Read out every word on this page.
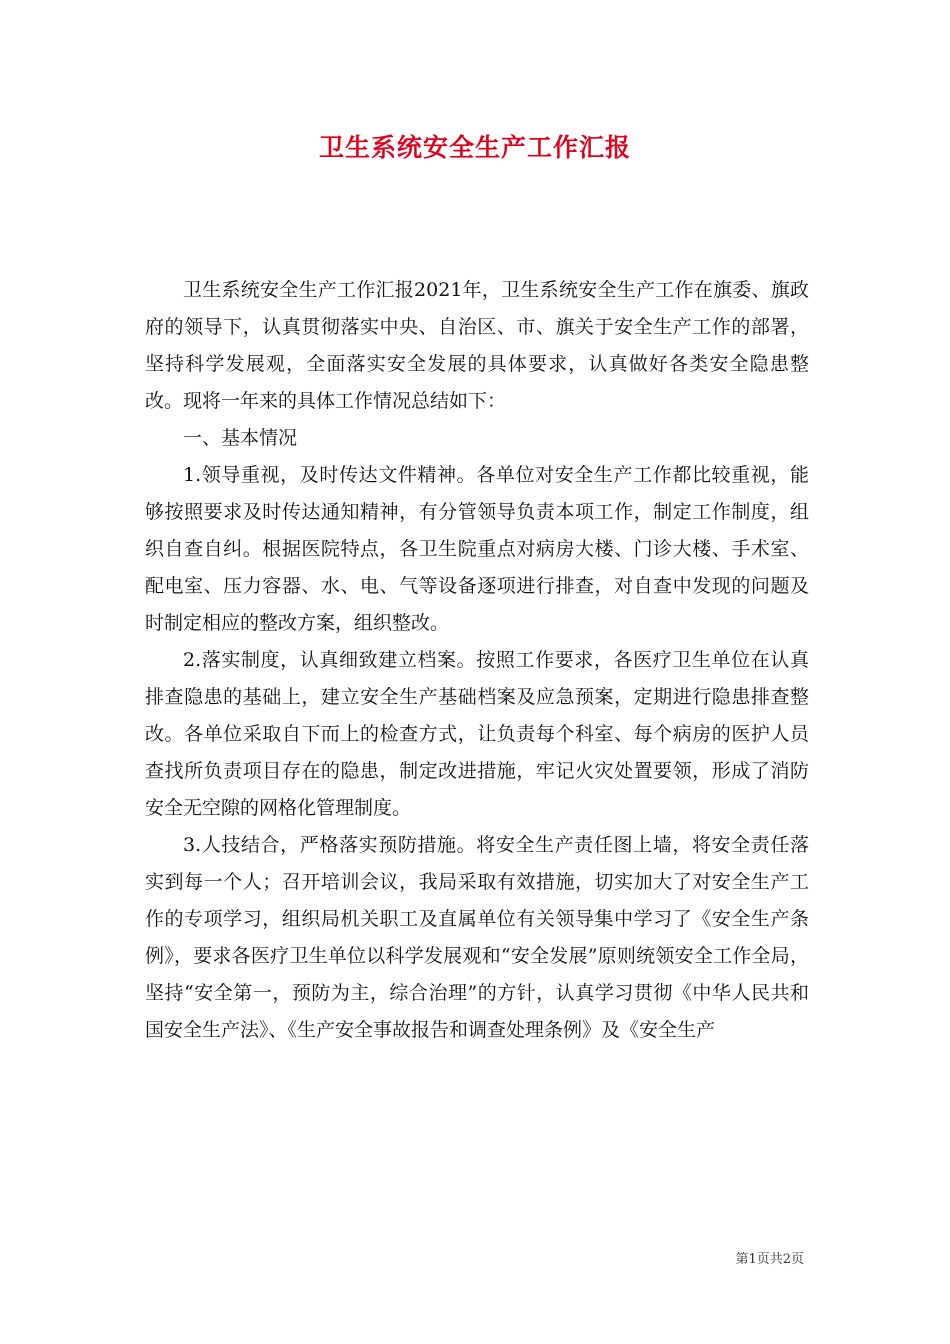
卫生系统安全生产工作汇报

卫生系统安全生产工作汇报2021年，卫生系统安全生产工作在旗委、旗政府的领导下，认真贯彻落实中央、自治区、市、旗关于安全生产工作的部署，坚持科学发展观，全面落实安全发展的具体要求，认真做好各类安全隐患整改。现将一年来的具体工作情况总结如下：

一、基本情况

1.领导重视，及时传达文件精神。各单位对安全生产工作都比较重视，能够按照要求及时传达通知精神，有分管领导负责本项工作，制定工作制度，组织自查自纠。根据医院特点，各卫生院重点对病房大楼、门诊大楼、手术室、配电室、压力容器、水、电、气等设备逐项进行排查，对自查中发现的问题及时制定相应的整改方案，组织整改。

2.落实制度，认真细致建立档案。按照工作要求，各医疗卫生单位在认真排查隐患的基础上，建立安全生产基础档案及应急预案，定期进行隐患排查整改。各单位采取自下而上的检查方式，让负责每个科室、每个病房的医护人员查找所负责项目存在的隐患，制定改进措施，牢记火灾处置要领，形成了消防安全无空隙的网格化管理制度。

3.人技结合，严格落实预防措施。将安全生产责任图上墙，将安全责任落实到每一个人；召开培训会议，我局采取有效措施，切实加大了对安全生产工作的专项学习，组织局机关职工及直属单位有关领导集中学习了《安全生产条例》，要求各医疗卫生单位以科学发展观和“安全发展”原则统领安全工作全局，坚持“安全第一，预防为主，综合治理”的方针，认真学习贯彻《中华人民共和国安全生产法》、《生产安全事故报告和调查处理条例》及《安全生产

第1页共2页
